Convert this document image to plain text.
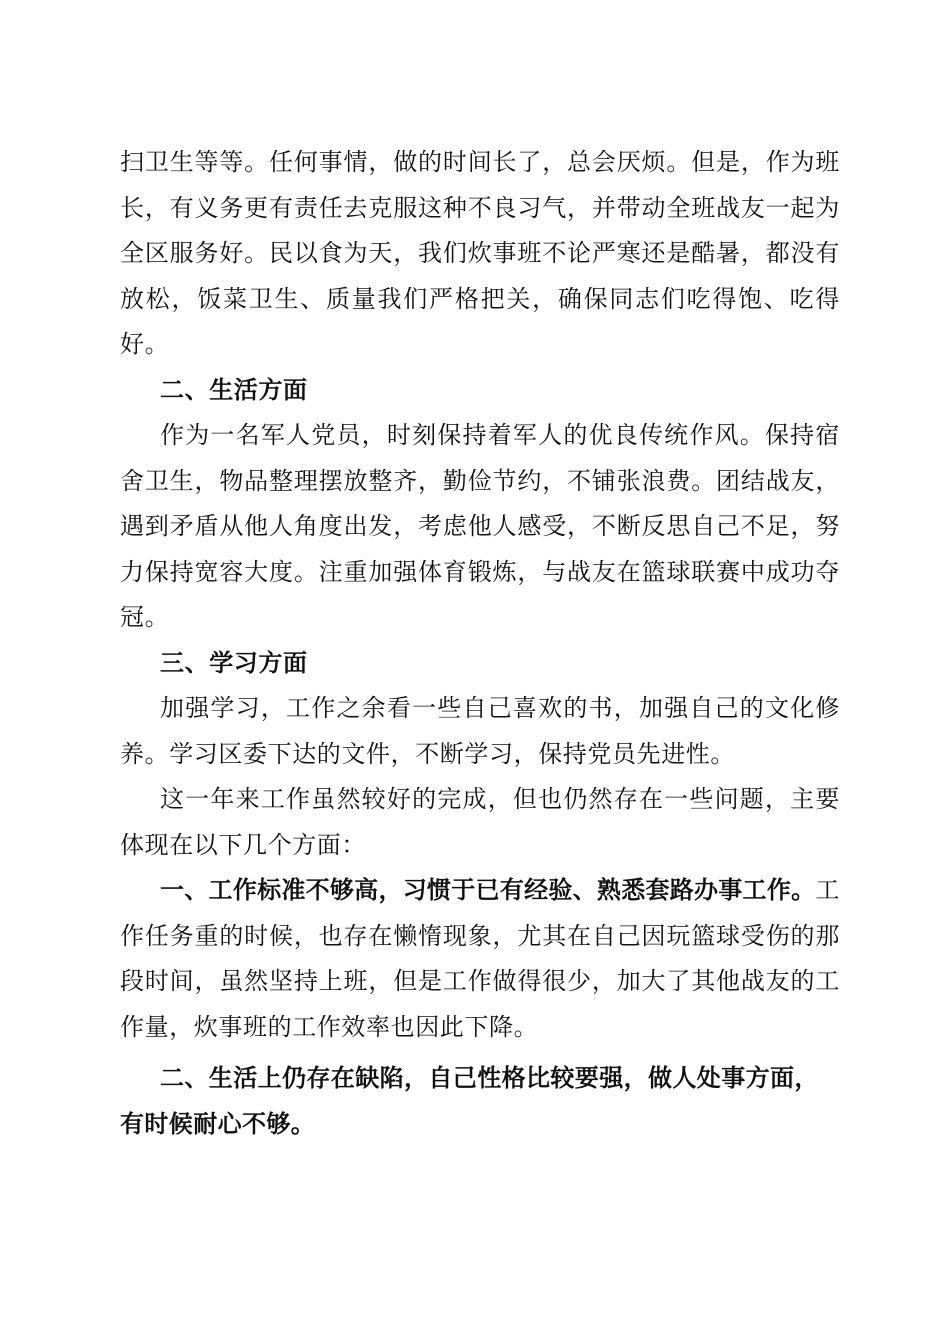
扫卫生等等。任何事情，做的时间长了，总会厌烦。但是，作为班长，有义务更有责任去克服这种不良习气，并带动全班战友一起为全区服务好。民以食为天，我们炊事班不论严寒还是酷暑，都没有放松，饭菜卫生、质量我们严格把关，确保同志们吃得饱、吃得好。

二、生活方面

作为一名军人党员，时刻保持着军人的优良传统作风。保持宿舍卫生，物品整理摆放整齐，勤俭节约，不铺张浪费。团结战友，遇到矛盾从他人角度出发，考虑他人感受，不断反思自己不足，努力保持宽容大度。注重加强体育锻炼，与战友在篮球联赛中成功夺冠。

三、学习方面

加强学习，工作之余看一些自己喜欢的书，加强自己的文化修养。学习区委下达的文件，不断学习，保持党员先进性。

这一年来工作虽然较好的完成，但也仍然存在一些问题，主要体现在以下几个方面：

一、工作标准不够高，习惯于已有经验、熟悉套路办事工作。工作任务重的时候，也存在懒惰现象，尤其在自己因玩篮球受伤的那段时间，虽然坚持上班，但是工作做得很少，加大了其他战友的工作量，炊事班的工作效率也因此下降。

二、生活上仍存在缺陷，自己性格比较要强，做人处事方面，有时候耐心不够。
